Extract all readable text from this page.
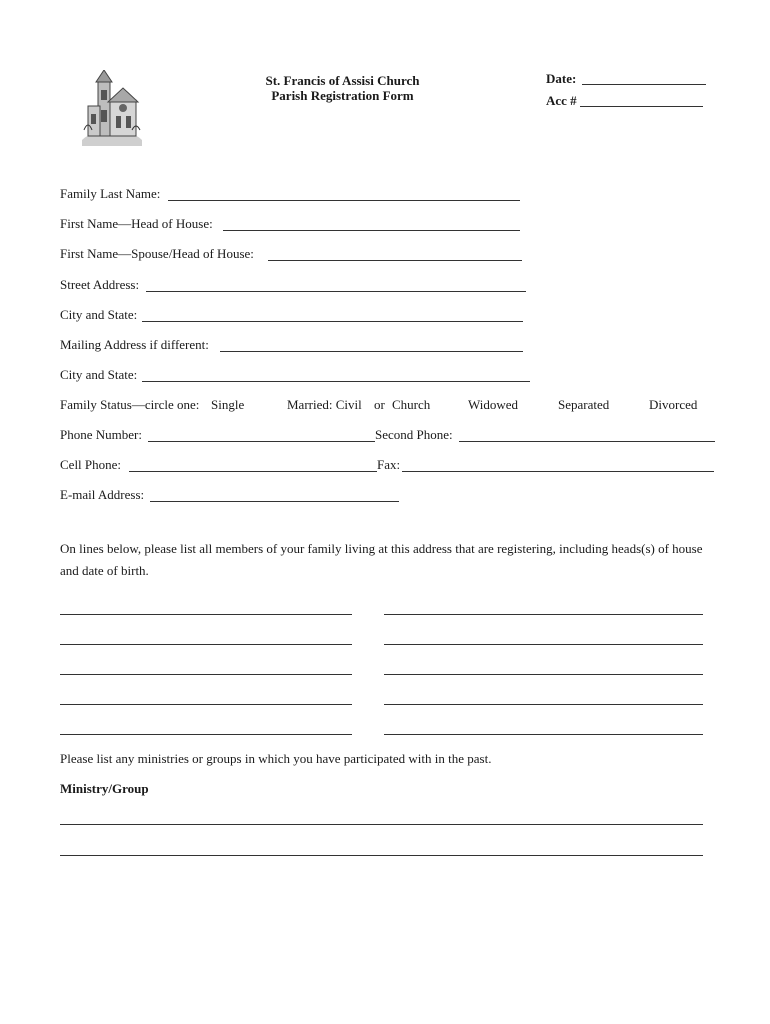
St. Francis of Assisi Church
Parish Registration Form
Date:
Acc #
Family Last Name:
First Name—Head of House:
First Name—Spouse/Head of House:
Street Address:
City and State:
Mailing Address if different:
City and State:
Family Status—circle one: Single	Married: Civil or Church	Widowed	Separated	Divorced
Phone Number:	Second Phone:
Cell Phone:	Fax:
E-mail Address:
On lines below, please list all members of your family living at this address that are registering, including heads(s) of house and date of birth.
Please list any ministries or groups in which you have participated with in the past.
Ministry/Group
